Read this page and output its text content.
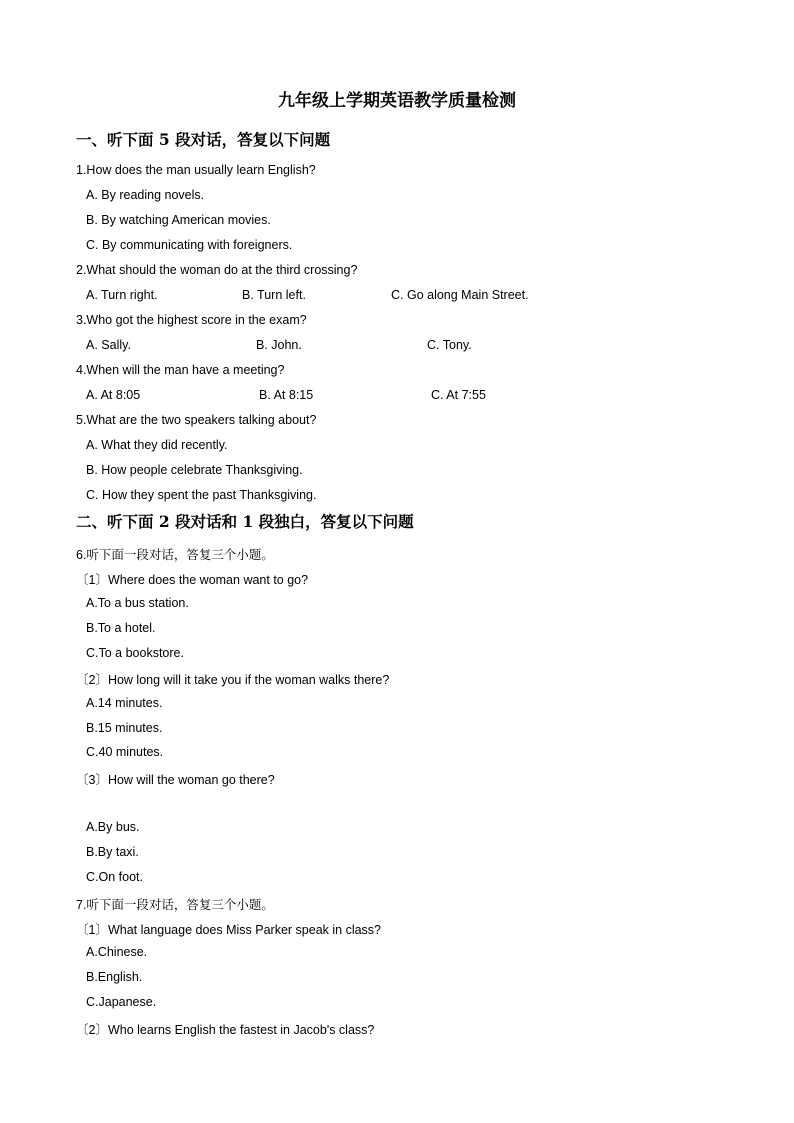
九年级上学期英语教学质量检测
一、听下面 5 段对话，答复以下问题
1.How does the man usually learn English?
A. By reading novels.
B. By watching American movies.
C. By communicating with foreigners.
2.What should the woman do at the third crossing?
A. Turn right.	B. Turn left.	C. Go along Main Street.
3.Who got the highest score in the exam?
A. Sally.	B. John.	C. Tony.
4.When will the man have a meeting?
A. At 8:05	B. At 8:15	C. At 7:55
5.What are the two speakers talking about?
A. What they did recently.
B. How people celebrate Thanksgiving.
C. How they spent the past Thanksgiving.
二、听下面 2 段对话和 1 段独白，答复以下问题
6.听下面一段对话，答复三个小题。
〔1〕Where does the woman want to go?
A.To a bus station.
B.To a hotel.
C.To a bookstore.
〔2〕How long will it take you if the woman walks there?
A.14 minutes.
B.15 minutes.
C.40 minutes.
〔3〕How will the woman go there?
A.By bus.
B.By taxi.
C.On foot.
7.听下面一段对话，答复三个小题。
〔1〕What language does Miss Parker speak in class?
A.Chinese.
B.English.
C.Japanese.
〔2〕Who learns English the fastest in Jacob's class?
